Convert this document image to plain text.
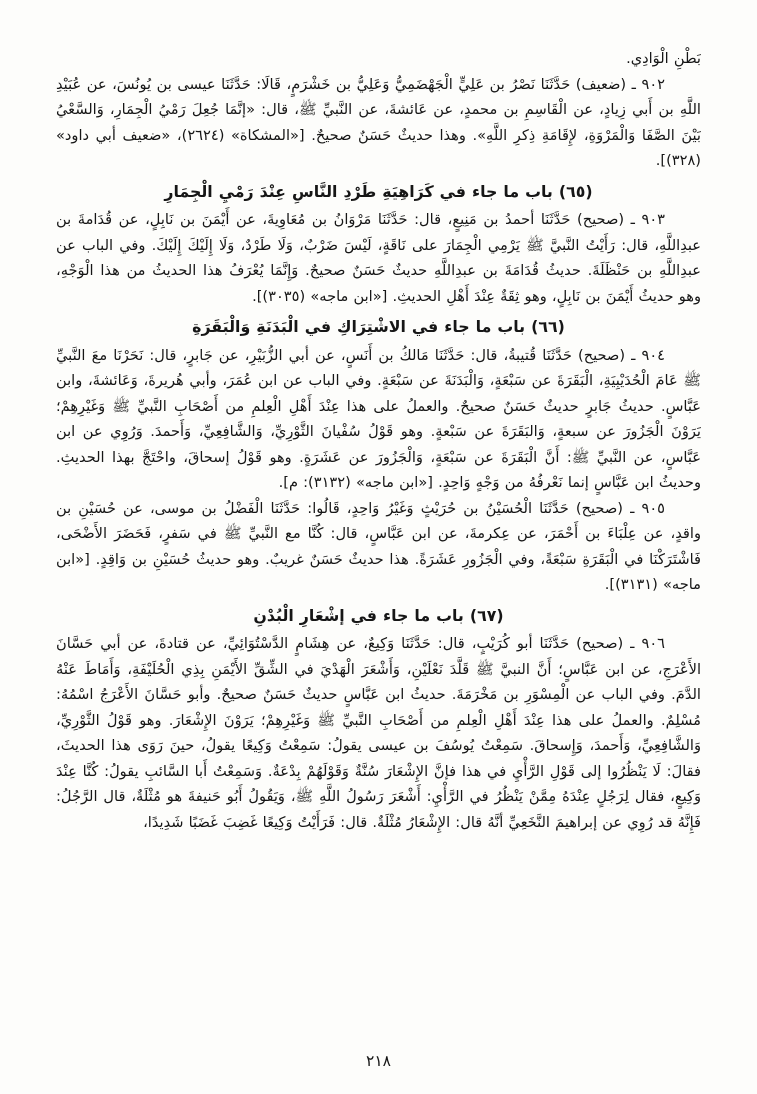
بَطْنِ الْوَادِي.

٩٠٢ ـ (ضعيف) حَدَّثَنَا نَصْرُ بن عَلِيٍّ الْجَهْضَمِيُّ وَعَلِيُّ بن خَشْرَمٍ، قَالَا: حَدَّثَنَا عيسى بن يُونُسَ، عن عُبَيْدِ اللَّهِ بن أَبي زِيادٍ، عن الْقَاسِمِ بن محمدٍ، عن عَائشةَ، عن النَّبيِّ ﷺ، قال: «إنَّمَا جُعِلَ رَمْيُ الْجِمَارِ، وَالسَّعْيُ بَيْنَ الصَّفَا وَالْمَرْوَةِ، لإِقَامَةِ ذِكرِ اللَّهِ». وهذا حديثٌ حَسَنٌ صحيحٌ. [«المشكاة» (٢٦٢٤)، «ضعيف أبي داود» (٣٢٨)].

(٦٥) باب ما جاء في كَرَاهِيَةِ طَرْدِ النَّاسِ عِنْدَ رَمْيِ الْجِمَارِ

٩٠٣ ـ (صحيح) حَدَّثَنَا أحمدُ بن مَنِيعٍ، قال: حَدَّثَنَا مَرْوَانُ بن مُعَاوِيةَ، عن أَيْمَنَ بن نَابِلٍ، عن قُدَامةَ بن عبدِاللَّهِ، قال: رَأَيْتُ النَّبيَّ ﷺ يَرْمِي الْجِمَارَ على نَاقَةٍ، لَيْسَ ضَرْبٌ، وَلَا طَرْدٌ، وَلَا إِلَيْكَ إِلَيْكَ. وفي الباب عن عبدِاللَّهِ بن حَنْظَلَةَ. حديثُ قُدَامَةَ بن عبدِاللَّهِ حديثٌ حَسَنٌ صحيحٌ. وَإِنَّمَا يُعْرَفُ هذا الحديثُ من هذا الْوَجْهِ، وهو حديثُ أَيْمَنَ بن نَابِلٍ، وهو ثِقَةٌ عِنْدَ أَهْلِ الحديثِ. [«ابن ماجه» (٣٠٣٥)].

(٦٦) باب ما جاء في الاشْتِرَاكِ في الْبَدَنَةِ وَالْبَقَرَةِ

٩٠٤ ـ (صحيح) حَدَّثَنَا قُتيبةُ، قال: حَدَّثَنَا مَالكُ بن أَنَسٍ، عن أبي الزُّبَيْرِ، عن جَابرٍ، قال: نَحَرْنَا معَ النَّبيِّ ﷺ عَامَ الْحُدَيْبِيَةِ، الْبَقَرَةَ عن سَبْعَةٍ، وَالْبَدَنَةَ عن سَبْعَةٍ. وفي الباب عن ابن عُمَرَ، وأبي هُريرةَ، وَعَائشةَ، وابن عَبَّاسٍ. حديثُ جَابرٍ حديثٌ حَسَنٌ صحيحٌ. والعملُ على هذا عِنْدَ أَهْلِ الْعِلمِ من أَصْحَابِ النَّبيِّ ﷺ وَغَيْرِهِمْ؛ يَرَوْنَ الْجَزُورَ عن سبعةٍ، وَالبَقَرَةَ عن سَبْعةٍ. وهو قَوْلُ سُفْيانَ الثَّوْرِيِّ، وَالشَّافِعِيِّ، وَأَحمدَ. وَرُوِي عن ابن عَبَّاسٍ، عن النَّبيِّ ﷺ: أَنَّ الْبَقَرَةَ عن سَبْعَةٍ، وَالْجَزُورَ عن عَشَرَةٍ. وهو قَوْلُ إسحاقَ، واحْتَجَّ بهذا الحديثِ. وحديثُ ابن عَبَّاسٍ إنما نَعْرفُهُ من وَجْهٍ وَاحِدٍ. [«ابن ماجه» (٣١٣٢): م].

٩٠٥ ـ (صحيح) حَدَّثَنَا الْحُسَيْنُ بن حُرَيْثٍ وَغَيْرُ وَاحِدٍ، قَالُوا: حَدَّثَنَا الْفَضْلُ بن موسى، عن حُسَيْنِ بن واقدٍ، عن عِلْبَاءَ بن أَحْمَرَ، عن عِكرمةَ، عن ابن عَبَّاسٍ، قال: كُنَّا مع النَّبيِّ ﷺ في سَفرٍ، فَحَضَرَ الأَضْحَى، فَاشْتَرَكْنَا في الْبَقَرَةِ سَبْعَةً، وفي الْجَزُورِ عَشَرَةً. هذا حديثٌ حَسَنٌ غريبٌ. وهو حديثُ حُسَيْنِ بن وَاقِدٍ. [«ابن ماجه» (٣١٣١)].

(٦٧) باب ما جاء في إشْعَارِ الْبُدْنِ

٩٠٦ ـ (صحيح) حَدَّثَنَا أبو كُرَيْبٍ، قال: حَدَّثَنَا وَكِيعٌ، عن هِشَامٍ الدَّسْتُوَائِيِّ، عن قتادةَ، عن أبي حَسَّانَ الأَعْرَجِ، عن ابن عَبَّاسٍ؛ أَنَّ النبيَّ ﷺ قَلَّدَ نَعْلَيْنِ، وَأَشْعَرَ الْهَدْيَ في الشِّقِّ الأَيْمَنِ بِذِي الْحُلَيْفَةِ، وَأَمَاطَ عَنْهُ الدَّمَ. وفي الباب عن الْمِسْوَرِ بن مَخْرَمَةَ. حديثُ ابن عَبَّاسٍ حديثٌ حَسَنٌ صحيحٌ. وأبو حَسَّانَ الأَعْرَجُ اسْمُهُ: مُسْلِمٌ. والعملُ على هذا عِنْدَ أَهْلِ الْعِلمِ من أَصْحَابِ النَّبيِّ ﷺ وَغَيْرِهِمْ؛ يَرَوْنَ الإِشْعَارَ. وهو قَوْلُ الثَّوْرِيِّ، وَالشَّافِعِيِّ، وَأَحمدَ، وَإِسحاقَ. سَمِعْتُ يُوسُفَ بن عيسى يقولُ: سَمِعْتُ وَكِيعًا يقولُ، حينَ رَوَى هذا الحديثَ، فقالَ: لَا يَنْظُرُوا إلى قَوْلِ الرَّأْيِ في هذا فإنَّ الإِشْعَارَ سُنَّةٌ وَقَوْلَهُمْ بِدْعَةٌ. وَسَمِعْتُ أَبا السَّائبِ يقولُ: كُنَّا عِنْدَ وَكِيعٍ، فقال لِرَجُلٍ عِنْدَهُ مِمَّنْ يَنْظُرُ في الرَّأْيِ: أَشْعَرَ رَسُولُ اللَّهِ ﷺ، وَيَقُولُ أَبُو حَنيفةَ هو مُثْلَةٌ، قال الرَّجُلُ: فَإِنَّهُ قد رُوِي عن إبراهيمَ النَّخَعِيِّ أنَّهُ قال: الإِشْعَارُ مُثْلَةٌ. قال: فَرَأَيْتُ وَكِيعًا غَضِبَ غَضَبًا شَدِيدًا،

٢١٨
